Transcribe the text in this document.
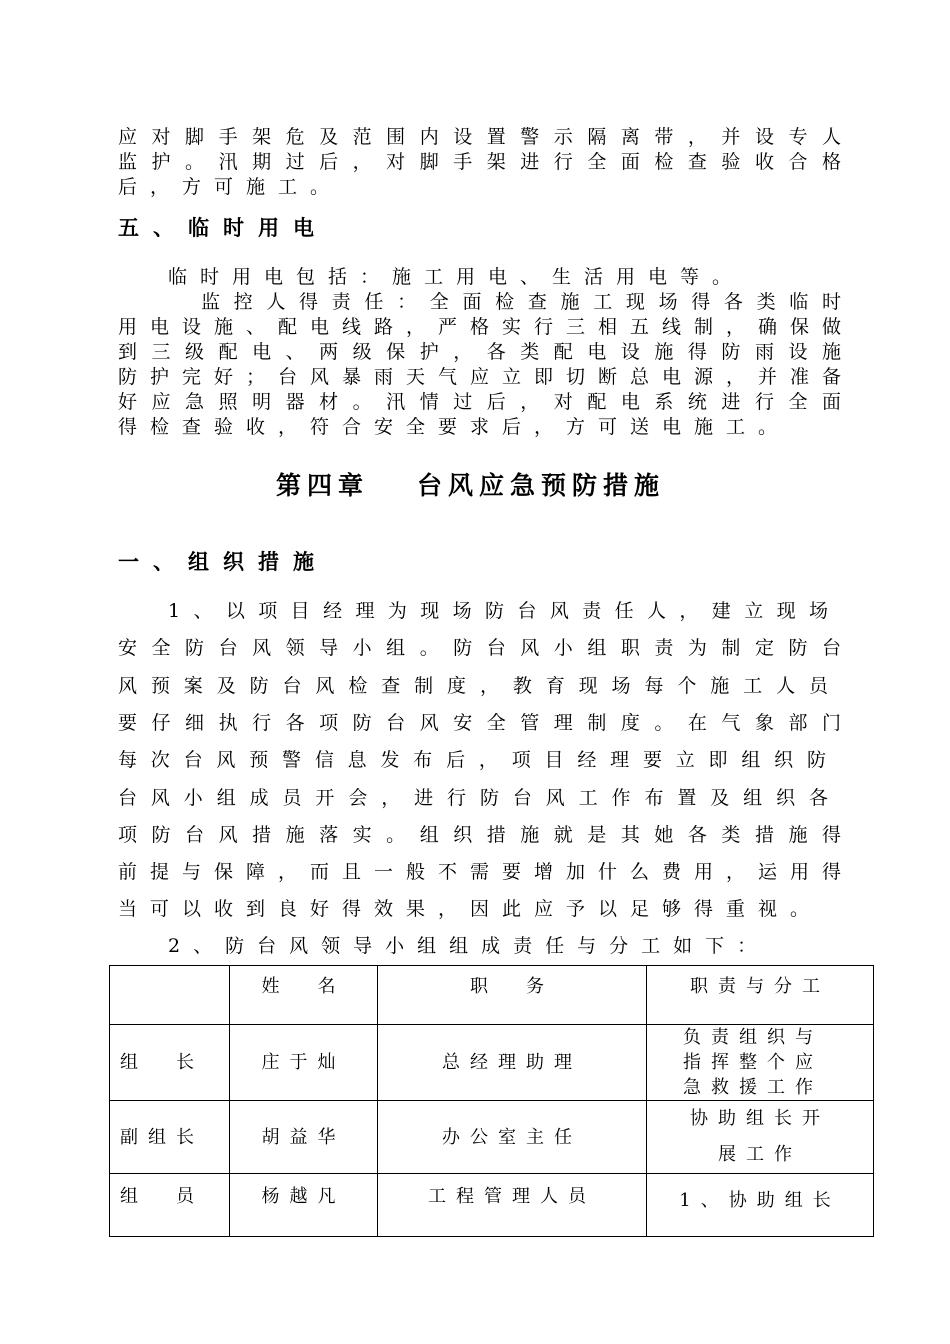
应对脚手架危及范围内设置警示隔离带，并设专人
监护。汛期过后，对脚手架进行全面检查验收合格
后，方可施工。
五、临时用电
临时用电包括：施工用电、生活用电等。
监控人得责任：全面检查施工现场得各类临时
用电设施、配电线路，严格实行三相五线制，确保做
到三级配电、两级保护，各类配电设施得防雨设施
防护完好；台风暴雨天气应立即切断总电源，并准备
好应急照明器材。汛情过后，对配电系统进行全面
得检查验收，符合安全要求后，方可送电施工。
第四章 台风应急预防措施
一、组织措施
1、以项目经理为现场防台风责任人，建立现场
安全防台风领导小组。防台风小组职责为制定防台
风预案及防台风检查制度，教育现场每个施工人员
要仔细执行各项防台风安全管理制度。在气象部门
每次台风预警信息发布后，项目经理要立即组织防
台风小组成员开会，进行防台风工作布置及组织各
项防台风措施落实。组织措施就是其她各类措施得
前提与保障，而且一般不需要增加什么费用，运用得
当可以收到良好得效果，因此应予以足够得重视。
2、防台风领导小组组成责任与分工如下：
	姓　名	职　务	职责与分工
组　长	庄于灿	总经理助理	负责组织与
指挥整个应
急救援工作
副组长	胡益华	办公室主任	协助组长开
展工作
组　员	杨越凡	工程管理人员	1、协助组长
